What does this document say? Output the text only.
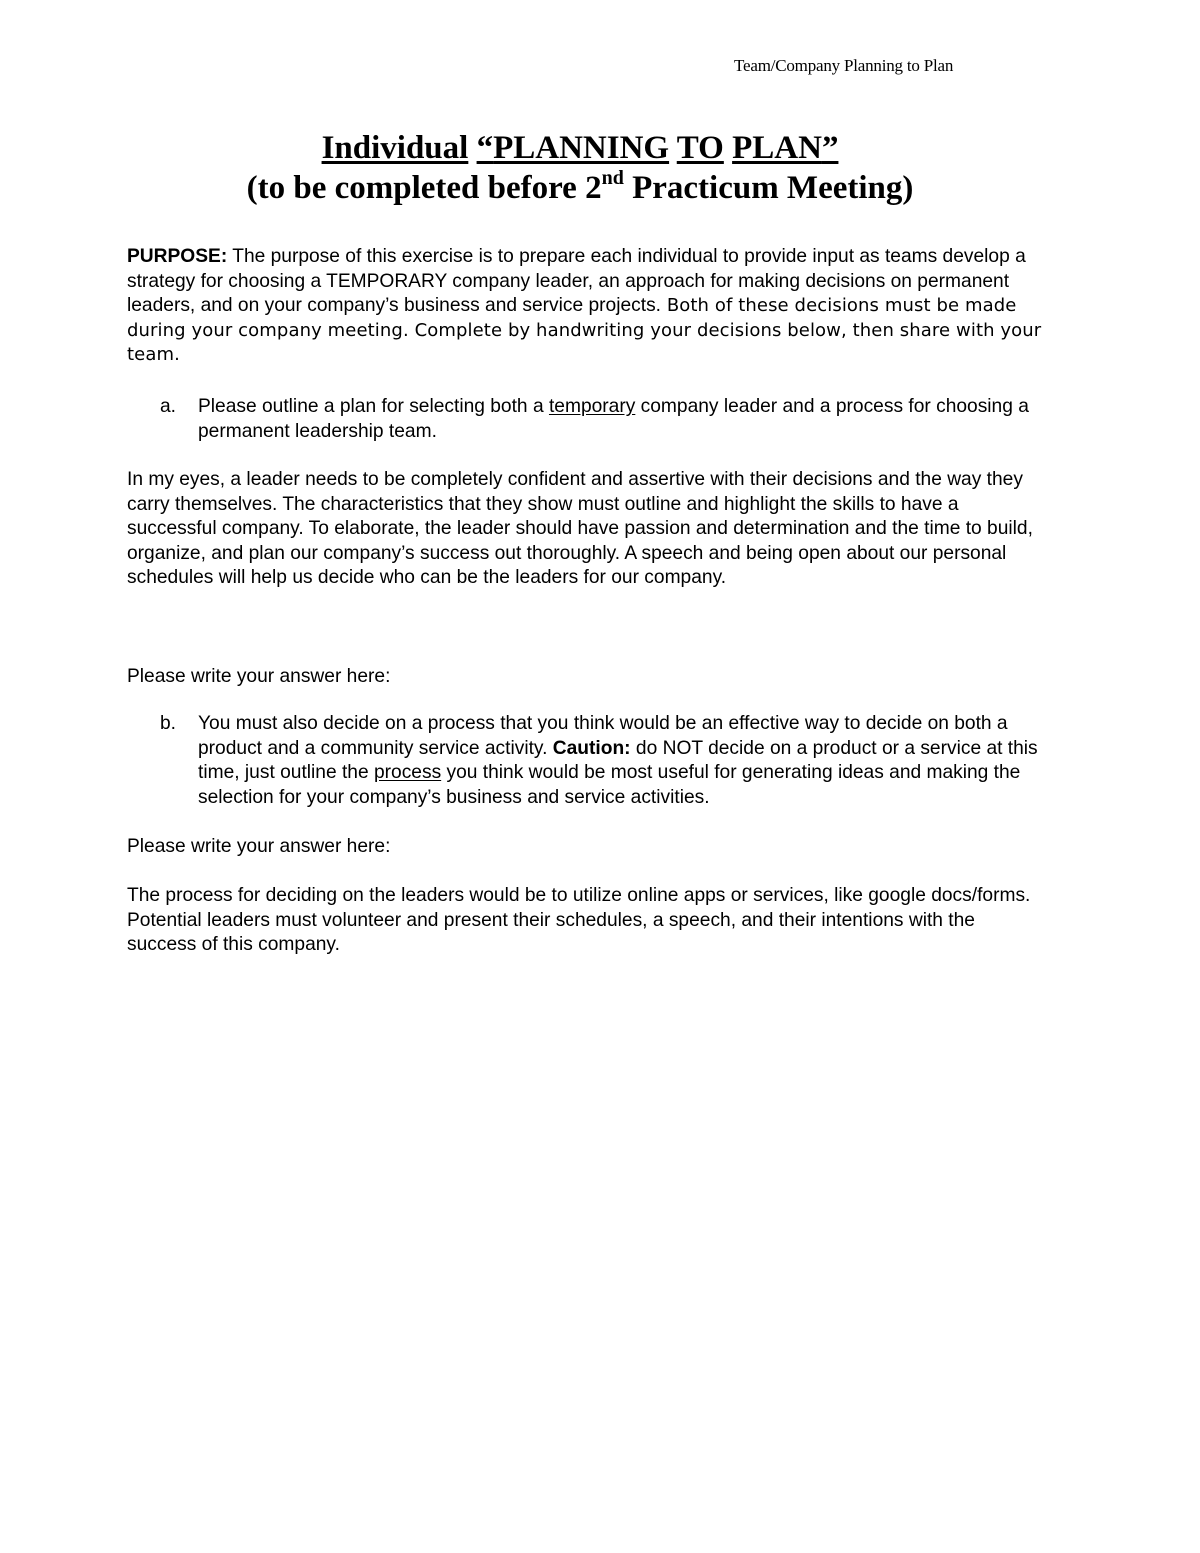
Team/Company Planning to Plan
Individual “PLANNING TO PLAN”
(to be completed before 2nd Practicum Meeting)

PURPOSE: The purpose of this exercise is to prepare each individual to provide input as teams develop a strategy for choosing a TEMPORARY company leader, an approach for making decisions on permanent leaders, and on your company’s business and service projects. Both of these decisions must be made during your company meeting. Complete by handwriting your decisions below, then share with your team.

a.	Please outline a plan for selecting both a temporary company leader and a process for choosing a permanent leadership team.

In my eyes, a leader needs to be completely confident and assertive with their decisions and the way they carry themselves. The characteristics that they show must outline and highlight the skills to have a successful company. To elaborate, the leader should have passion and determination and the time to build, organize, and plan our company’s success out thoroughly. A speech and being open about our personal schedules will help us decide who can be the leaders for our company.

Please write your answer here:

b.	You must also decide on a process that you think would be an effective way to decide on both a product and a community service activity. Caution: do NOT decide on a product or a service at this time, just outline the process you think would be most useful for generating ideas and making the selection for your company’s business and service activities.

Please write your answer here:

The process for deciding on the leaders would be to utilize online apps or services, like google docs/forms. Potential leaders must volunteer and present their schedules, a speech, and their intentions with the success of this company.
